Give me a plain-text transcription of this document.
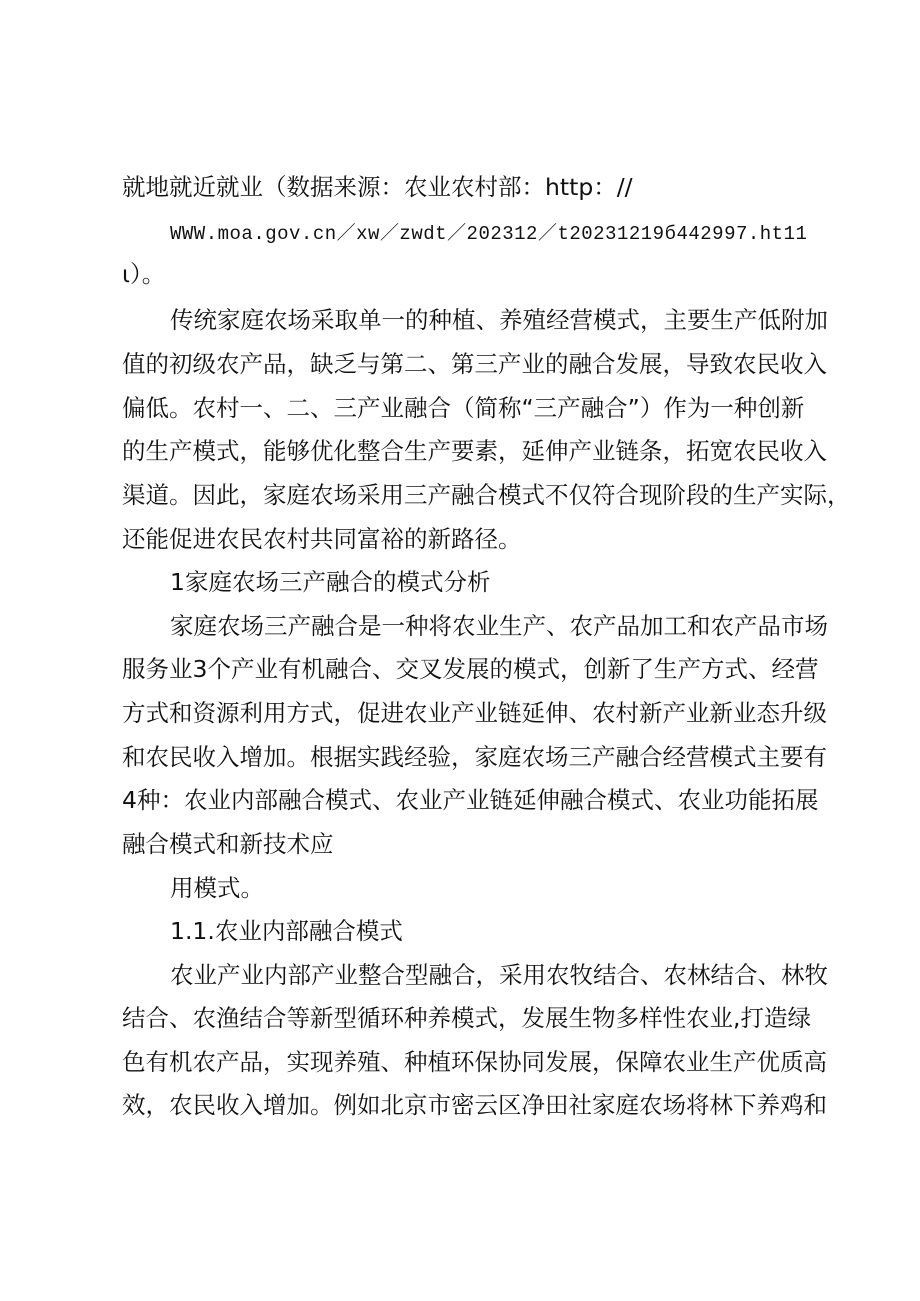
就地就近就业（数据来源：农业农村部：http：//
WWW.moa.gov.cn／xw／zwdt／202312／t20231219б442997.ht11
ι）。
传统家庭农场采取单一的种植、养殖经营模式，主要生产低附加
值的初级农产品，缺乏与第二、第三产业的融合发展，导致农民收入
偏低。农村一、二、三产业融合（简称“三产融合”）作为一种创新
的生产模式，能够优化整合生产要素，延伸产业链条，拓宽农民收入
渠道。因此，家庭农场采用三产融合模式不仅符合现阶段的生产实际，
还能促进农民农村共同富裕的新路径。
1家庭农场三产融合的模式分析
家庭农场三产融合是一种将农业生产、农产品加工和农产品市场
服务业3个产业有机融合、交叉发展的模式，创新了生产方式、经营
方式和资源利用方式，促进农业产业链延伸、农村新产业新业态升级
和农民收入增加。根据实践经验，家庭农场三产融合经营模式主要有
4种：农业内部融合模式、农业产业链延伸融合模式、农业功能拓展
融合模式和新技术应
用模式。
1.1.农业内部融合模式
农业产业内部产业整合型融合，采用农牧结合、农林结合、林牧
结合、农渔结合等新型循环种养模式，发展生物多样性农业,打造绿
色有机农产品，实现养殖、种植环保协同发展，保障农业生产优质高
效，农民收入增加。例如北京市密云区净田社家庭农场将林下养鸡和
